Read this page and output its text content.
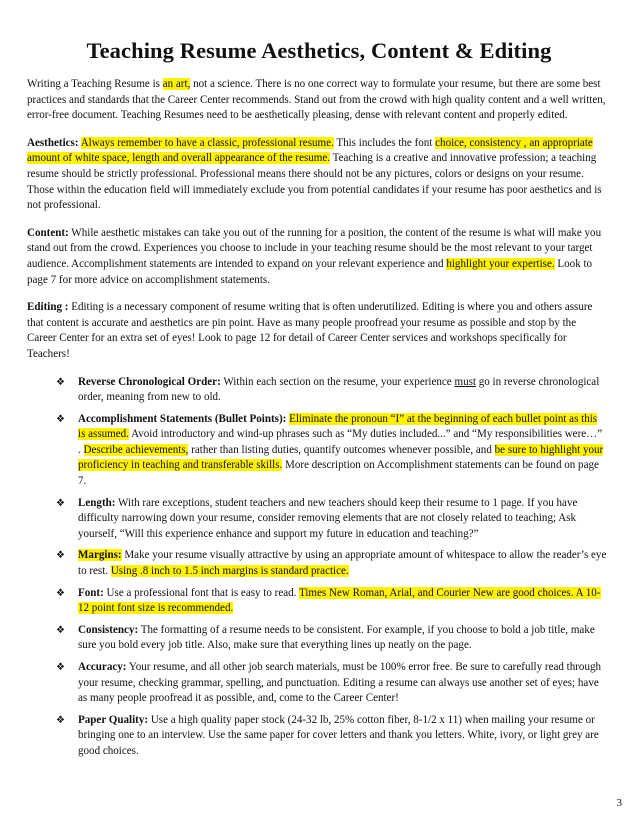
Teaching Resume Aesthetics, Content & Editing

Writing a Teaching Resume is an art, not a science. There is no one correct way to formulate your resume, but there are some best practices and standards that the Career Center recommends. Stand out from the crowd with high quality content and a well written, error-free document. Teaching Resumes need to be aesthetically pleasing, dense with relevant content and properly edited.

Aesthetics: Always remember to have a classic, professional resume. This includes the font choice, consistency , an appropriate amount of white space, length and overall appearance of the resume. Teaching is a creative and innovative profession; a teaching resume should be strictly professional. Professional means there should not be any pictures, colors or designs on your resume. Those within the education field will immediately exclude you from potential candidates if your resume has poor aesthetics and is not professional.

Content: While aesthetic mistakes can take you out of the running for a position, the content of the resume is what will make you stand out from the crowd. Experiences you choose to include in your teaching resume should be the most relevant to your target audience. Accomplishment statements are intended to expand on your relevant experience and highlight your expertise. Look to page 7 for more advice on accomplishment statements.

Editing : Editing is a necessary component of resume writing that is often underutilized. Editing is where you and others assure that content is accurate and aesthetics are pin point. Have as many people proofread your resume as possible and stop by the Career Center for an extra set of eyes! Look to page 12 for detail of Career Center services and workshops specifically for Teachers!

❖ Reverse Chronological Order: Within each section on the resume, your experience must go in reverse chronological order, meaning from new to old.
❖ Accomplishment Statements (Bullet Points): Eliminate the pronoun “I” at the beginning of each bullet point as this is assumed. Avoid introductory and wind-up phrases such as “My duties included...” and “My responsibilities were…” . Describe achievements, rather than listing duties, quantify outcomes whenever possible, and be sure to highlight your proficiency in teaching and transferable skills. More description on Accomplishment statements can be found on page 7.
❖ Length: With rare exceptions, student teachers and new teachers should keep their resume to 1 page. If you have difficulty narrowing down your resume, consider removing elements that are not closely related to teaching; Ask yourself, “Will this experience enhance and support my future in education and teaching?”
❖ Margins: Make your resume visually attractive by using an appropriate amount of whitespace to allow the reader’s eye to rest. Using .8 inch to 1.5 inch margins is standard practice.
❖ Font: Use a professional font that is easy to read. Times New Roman, Arial, and Courier New are good choices. A 10-12 point font size is recommended.
❖ Consistency: The formatting of a resume needs to be consistent. For example, if you choose to bold a job title, make sure you bold every job title. Also, make sure that everything lines up neatly on the page.
❖ Accuracy: Your resume, and all other job search materials, must be 100% error free. Be sure to carefully read through your resume, checking grammar, spelling, and punctuation. Editing a resume can always use another set of eyes; have as many people proofread it as possible, and, come to the Career Center!
❖ Paper Quality: Use a high quality paper stock (24-32 lb, 25% cotton fiber, 8-1/2 x 11) when mailing your resume or bringing one to an interview. Use the same paper for cover letters and thank you letters. White, ivory, or light grey are good choices.
3
